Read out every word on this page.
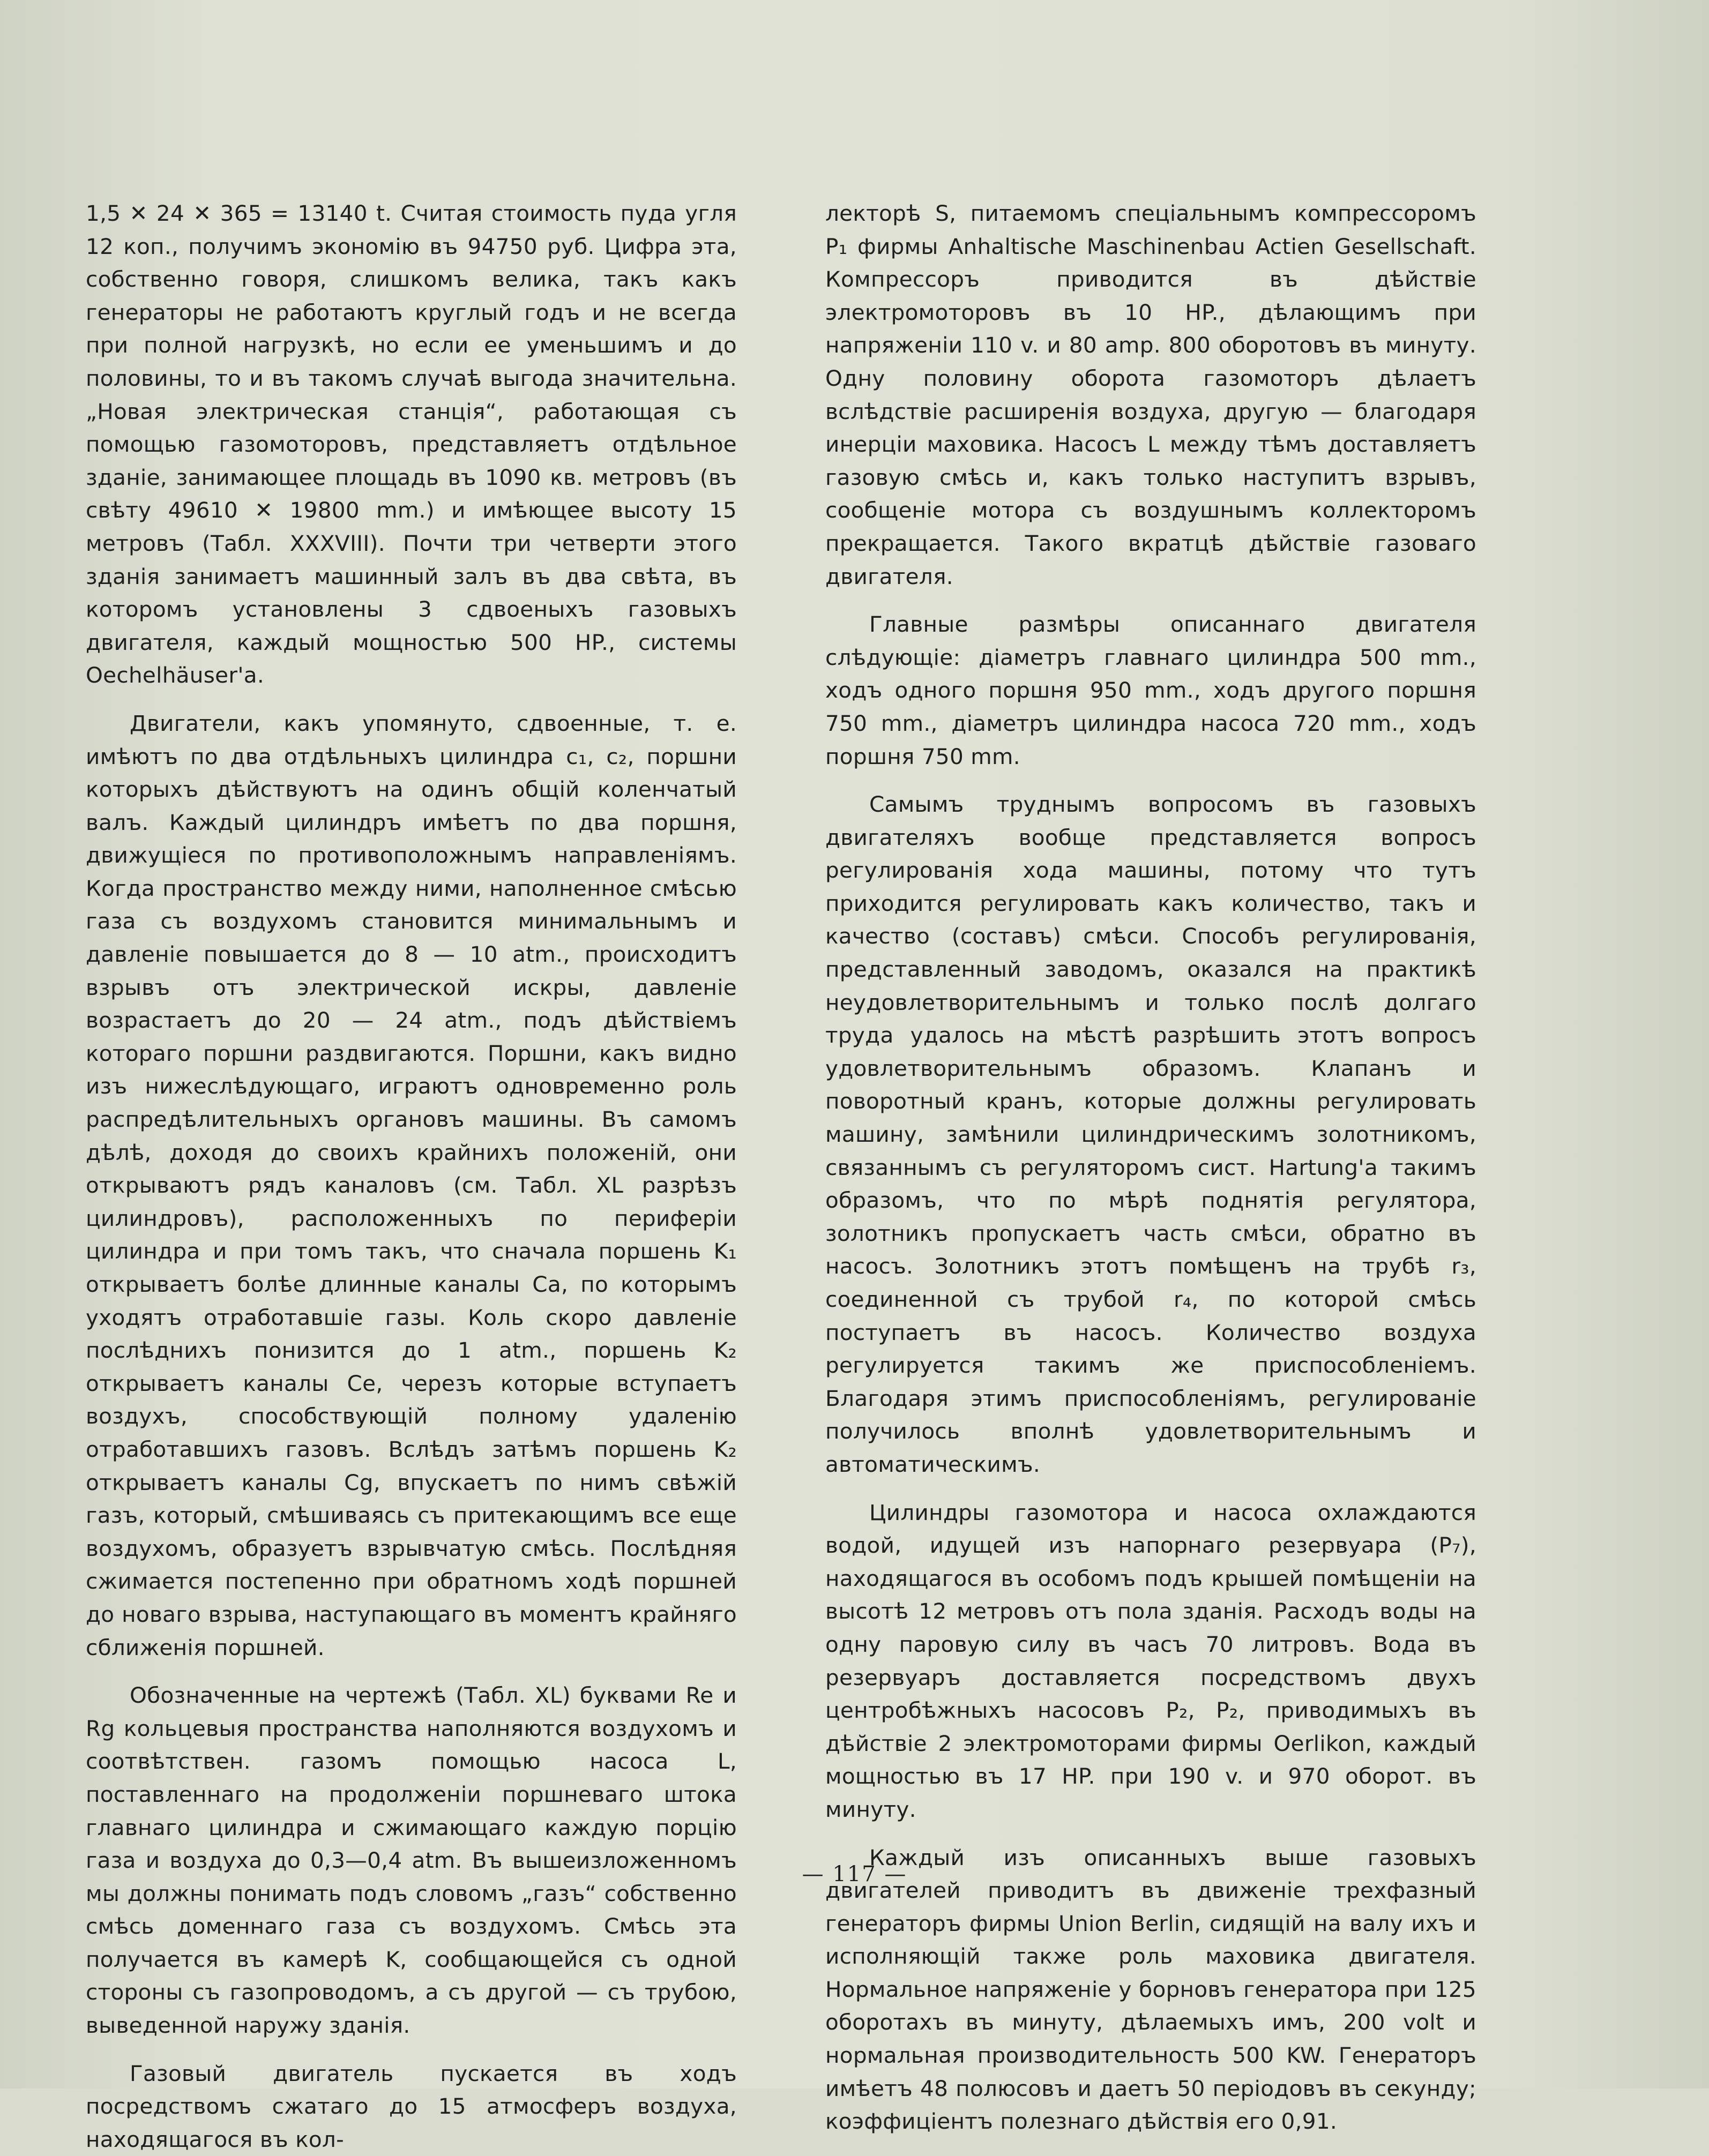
1,5 ✕ 24 ✕ 365 = 13140 t. Считая стоимость пуда угля 12 коп., получимъ экономію въ 94750 руб. Цифра эта, собственно говоря, слишкомъ велика, такъ какъ генераторы не работаютъ круглый годъ и не всегда при полной нагрузкѣ, но если ее уменьшимъ и до половины, то и въ такомъ случаѣ выгода значительна. „Новая электрическая станція“, работающая съ помощью газомоторовъ, представляетъ отдѣльное зданіе, занимающее площадь въ 1090 кв. метровъ (въ свѣту 49610 ✕ 19800 mm.) и имѣющее высоту 15 метровъ (Табл. XXXVIII). Почти три четверти этого зданія занимаетъ машинный залъ въ два свѣта, въ которомъ установлены 3 сдвоеныхъ газовыхъ двигателя, каждый мощностью 500 HP., системы Oechelhäuser'a.

Двигатели, какъ упомянуто, сдвоенные, т. е. имѣютъ по два отдѣльныхъ цилиндра c₁, c₂, поршни которыхъ дѣйствуютъ на одинъ общій коленчатый валъ. Каждый цилиндръ имѣетъ по два поршня, движущіеся по противоположнымъ направленіямъ. Когда пространство между ними, наполненное смѣсью газа съ воздухомъ становится минимальнымъ и давленіе повышается до 8 — 10 atm., происходитъ взрывъ отъ электрической искры, давленіе возрастаетъ до 20 — 24 atm., подъ дѣйствіемъ котораго поршни раздвигаются. Поршни, какъ видно изъ нижеслѣдующаго, играютъ одновременно роль распредѣлительныхъ органовъ машины. Въ самомъ дѣлѣ, доходя до своихъ крайнихъ положеній, они открываютъ рядъ каналовъ (см. Табл. XL разрѣзъ цилиндровъ), расположенныхъ по периферіи цилиндра и при томъ такъ, что сначала поршень K₁ открываетъ болѣе длинные каналы Ca, по которымъ уходятъ отработавшіе газы. Коль скоро давленіе послѣднихъ понизится до 1 atm., поршень K₂ открываетъ каналы Ce, черезъ которые вступаетъ воздухъ, способствующій полному удаленію отработавшихъ газовъ. Вслѣдъ затѣмъ поршень K₂ открываетъ каналы Cg, впускаетъ по нимъ свѣжій газъ, который, смѣшиваясь съ притекающимъ все еще воздухомъ, образуетъ взрывчатую смѣсь. Послѣдняя сжимается постепенно при обратномъ ходѣ поршней до новаго взрыва, наступающаго въ моментъ крайняго сближенія поршней.

Обозначенные на чертежѣ (Табл. XL) буквами Re и Rg кольцевыя пространства наполняются воздухомъ и соотвѣтствен. газомъ помощью насоса L, поставленнаго на продолженіи поршневаго штока главнаго цилиндра и сжимающаго каждую порцію газа и воздуха до 0,3—0,4 atm. Въ вышеизложенномъ мы должны понимать подъ словомъ „газъ“ собственно смѣсь доменнаго газа съ воздухомъ. Смѣсь эта получается въ камерѣ K, сообщающейся съ одной стороны съ газопроводомъ, а съ другой — съ трубою, выведенной наружу зданія.

Газовый двигатель пускается въ ходъ посредствомъ сжатаго до 15 атмосферъ воздуха, находящагося въ кол-

лекторѣ S, питаемомъ спеціальнымъ компрессоромъ P₁ фирмы Anhaltische Maschinenbau Actien Gesellschaft. Компрессоръ приводится въ дѣйствіе электромоторовъ въ 10 HP., дѣлающимъ при напряженіи 110 v. и 80 amp. 800 оборотовъ въ минуту. Одну половину оборота газомоторъ дѣлаетъ вслѣдствіе расширенія воздуха, другую — благодаря инерціи маховика. Насосъ L между тѣмъ доставляетъ газовую смѣсь и, какъ только наступитъ взрывъ, сообщеніе мотора съ воздушнымъ коллекторомъ прекращается. Такого вкратцѣ дѣйствіе газоваго двигателя.

Главные размѣры описаннаго двигателя слѣдующіе: діаметръ главнаго цилиндра 500 mm., ходъ одного поршня 950 mm., ходъ другого поршня 750 mm., діаметръ цилиндра насоса 720 mm., ходъ поршня 750 mm.

Самымъ труднымъ вопросомъ въ газовыхъ двигателяхъ вообще представляется вопросъ регулированія хода машины, потому что тутъ приходится регулировать какъ количество, такъ и качество (составъ) смѣси. Способъ регулированія, представленный заводомъ, оказался на практикѣ неудовлетворительнымъ и только послѣ долгаго труда удалось на мѣстѣ разрѣшить этотъ вопросъ удовлетворительнымъ образомъ. Клапанъ и поворотный кранъ, которые должны регулировать машину, замѣнили цилиндрическимъ золотникомъ, связаннымъ съ регуляторомъ сист. Hartung'a такимъ образомъ, что по мѣрѣ поднятія регулятора, золотникъ пропускаетъ часть смѣси, обратно въ насосъ. Золотникъ этотъ помѣщенъ на трубѣ r₃, соединенной съ трубой r₄, по которой смѣсь поступаетъ въ насосъ. Количество воздуха регулируется такимъ же приспособленіемъ. Благодаря этимъ приспособленіямъ, регулированіе получилось вполнѣ удовлетворительнымъ и автоматическимъ.

Цилиндры газомотора и насоса охлаждаются водой, идущей изъ напорнаго резервуара (P₇), находящагося въ особомъ подъ крышей помѣщеніи на высотѣ 12 метровъ отъ пола зданія. Расходъ воды на одну паровую силу въ часъ 70 литровъ. Вода въ резервуаръ доставляется посредствомъ двухъ центробѣжныхъ насосовъ P₂, P₂, приводимыхъ въ дѣйствіе 2 электромоторами фирмы Oerlikon, каждый мощностью въ 17 HP. при 190 v. и 970 оборот. въ минуту.

Каждый изъ описанныхъ выше газовыхъ двигателей приводитъ въ движеніе трехфазный генераторъ фирмы Union Berlin, сидящій на валу ихъ и исполняющій также роль маховика двигателя. Нормальное напряженіе у борновъ генератора при 125 оборотахъ въ минуту, дѣлаемыхъ имъ, 200 volt и нормальная производительность 500 KW. Генераторъ имѣетъ 48 полюсовъ и даетъ 50 періодовъ въ секунду; коэффиціентъ полезнаго дѣйствія его 0,91.

— 117 —
